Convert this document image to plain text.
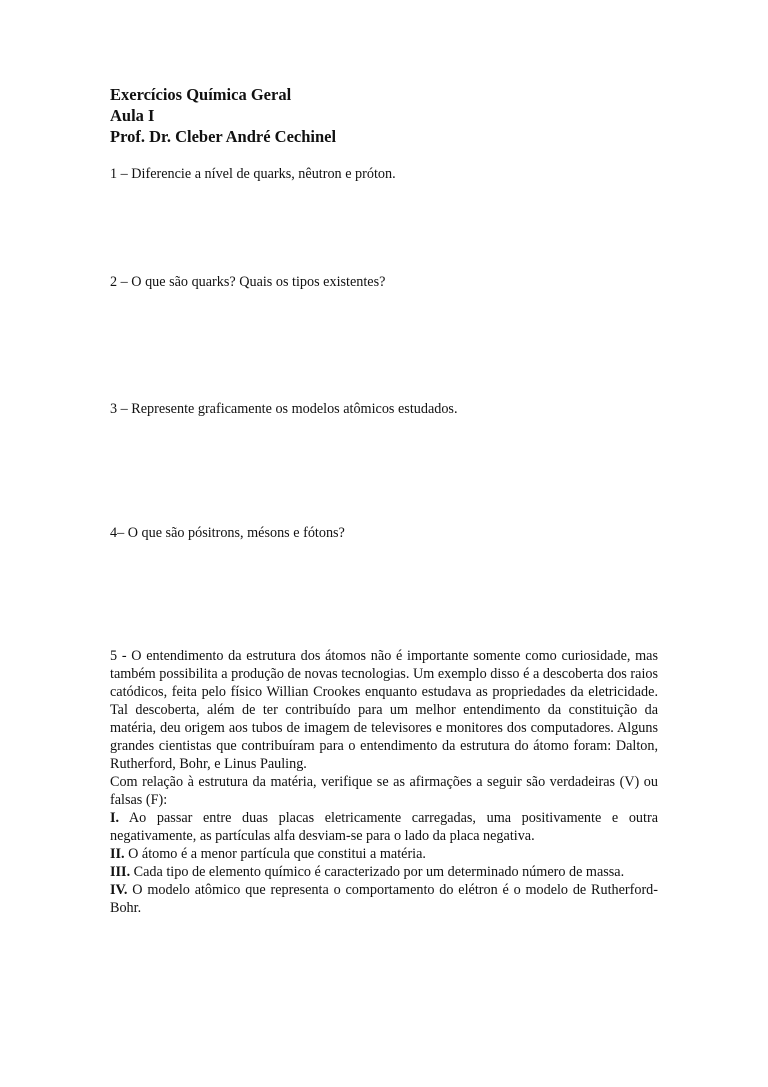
Exercícios Química Geral
Aula I
Prof. Dr. Cleber André Cechinel
1 – Diferencie a nível de quarks, nêutron e próton.
2 – O que são quarks? Quais os tipos existentes?
3 – Represente graficamente os modelos atômicos estudados.
4– O que são pósitrons, mésons e fótons?

5 - O entendimento da estrutura dos átomos não é importante somente como curiosidade, mas também possibilita a produção de novas tecnologias. Um exemplo disso é a descoberta dos raios catódicos, feita pelo físico Willian Crookes enquanto estudava as propriedades da eletricidade. Tal descoberta, além de ter contribuído para um melhor entendimento da constituição da matéria, deu origem aos tubos de imagem de televisores e monitores dos computadores. Alguns grandes cientistas que contribuíram para o entendimento da estrutura do átomo foram: Dalton, Rutherford, Bohr, e Linus Pauling.

Com relação à estrutura da matéria, verifique se as afirmações a seguir são verdadeiras (V) ou falsas (F):

I. Ao passar entre duas placas eletricamente carregadas, uma positivamente e outra negativamente, as partículas alfa desviam-se para o lado da placa negativa.

II. O átomo é a menor partícula que constitui a matéria.

III. Cada tipo de elemento químico é caracterizado por um determinado número de massa.

IV. O modelo atômico que representa o comportamento do elétron é o modelo de Rutherford-Bohr.
